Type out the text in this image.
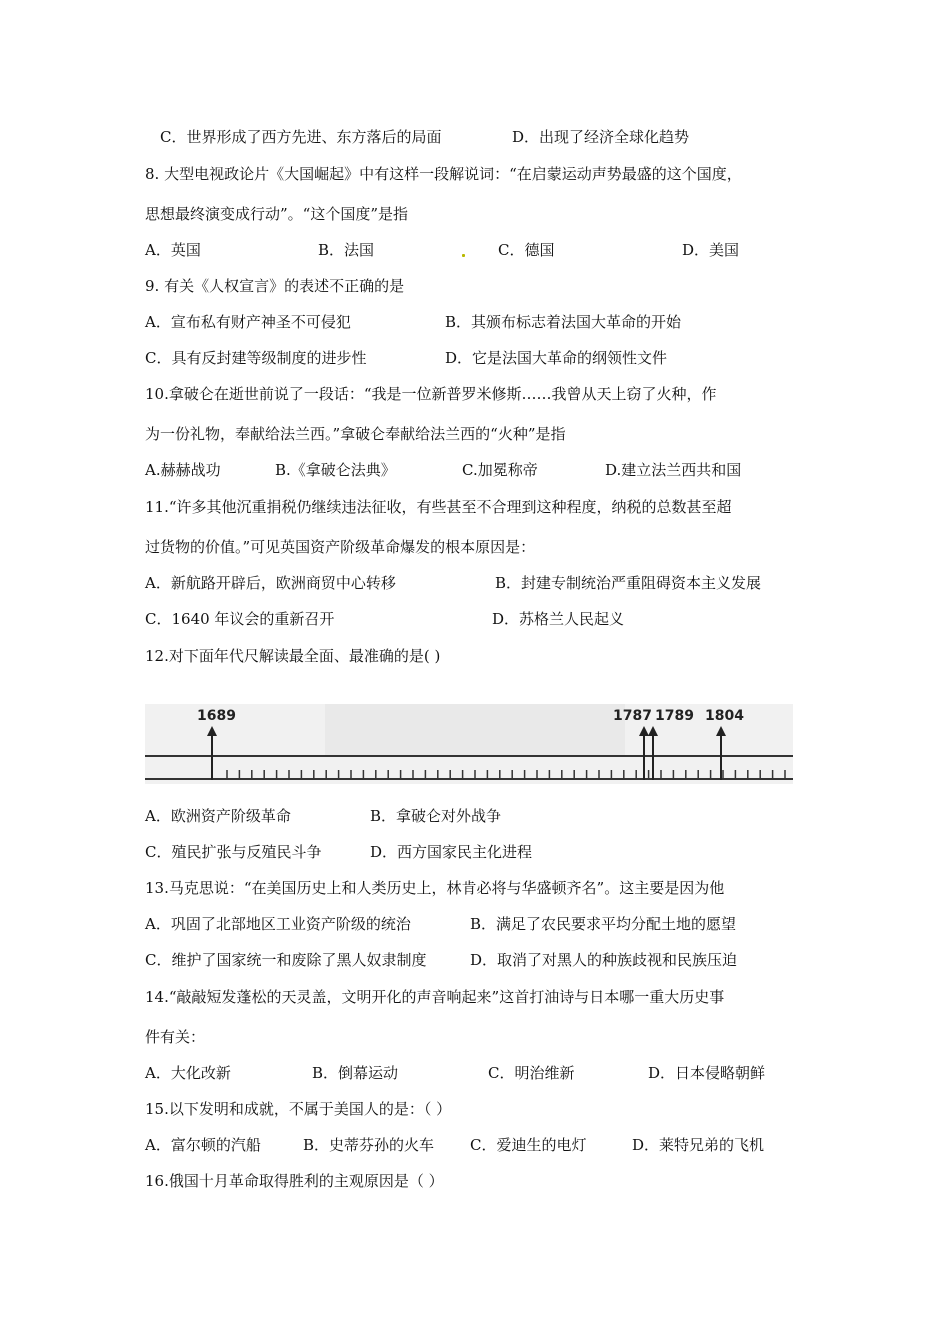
C．世界形成了西方先进、东方落后的局面	D．出现了经济全球化趋势
8. 大型电视政论片《大国崛起》中有这样一段解说词：“在启蒙运动声势最盛的这个国度，
思想最终演变成行动”。“这个国度”是指
A．英国	B．法国	C．德国	D．美国
9. 有关《人权宣言》的表述不正确的是
A．宣布私有财产神圣不可侵犯	B．其颁布标志着法国大革命的开始
C．具有反封建等级制度的进步性	D．它是法国大革命的纲领性文件
10.拿破仑在逝世前说了一段话：“我是一位新普罗米修斯……我曾从天上窃了火种，作
为一份礼物，奉献给法兰西。”拿破仑奉献给法兰西的“火种”是指
A.赫赫战功	B.《拿破仑法典》	C.加冕称帝	D.建立法兰西共和国
11.“许多其他沉重捐税仍继续违法征收，有些甚至不合理到这种程度，纳税的总数甚至超
过货物的价值。”可见英国资产阶级革命爆发的根本原因是：
A．新航路开辟后，欧洲商贸中心转移	B．封建专制统治严重阻碍资本主义发展
C．1640 年议会的重新召开	D．苏格兰人民起义
12.对下面年代尺解读最全面、最准确的是( )
1689	1787 1789 1804
A．欧洲资产阶级革命	B．拿破仑对外战争
C．殖民扩张与反殖民斗争	D．西方国家民主化进程
13.马克思说：“在美国历史上和人类历史上，林肯必将与华盛顿齐名”。这主要是因为他
A．巩固了北部地区工业资产阶级的统治	B．满足了农民要求平均分配土地的愿望
C．维护了国家统一和废除了黑人奴隶制度	D．取消了对黑人的种族歧视和民族压迫
14.“敲敲短发蓬松的天灵盖，文明开化的声音响起来”这首打油诗与日本哪一重大历史事
件有关：
A．大化改新	B．倒幕运动	C．明治维新	D．日本侵略朝鲜
15.以下发明和成就，不属于美国人的是：（ ）
A．富尔顿的汽船	B．史蒂芬孙的火车 C．爱迪生的电灯	D．莱特兄弟的飞机
16.俄国十月革命取得胜利的主观原因是（ ）
